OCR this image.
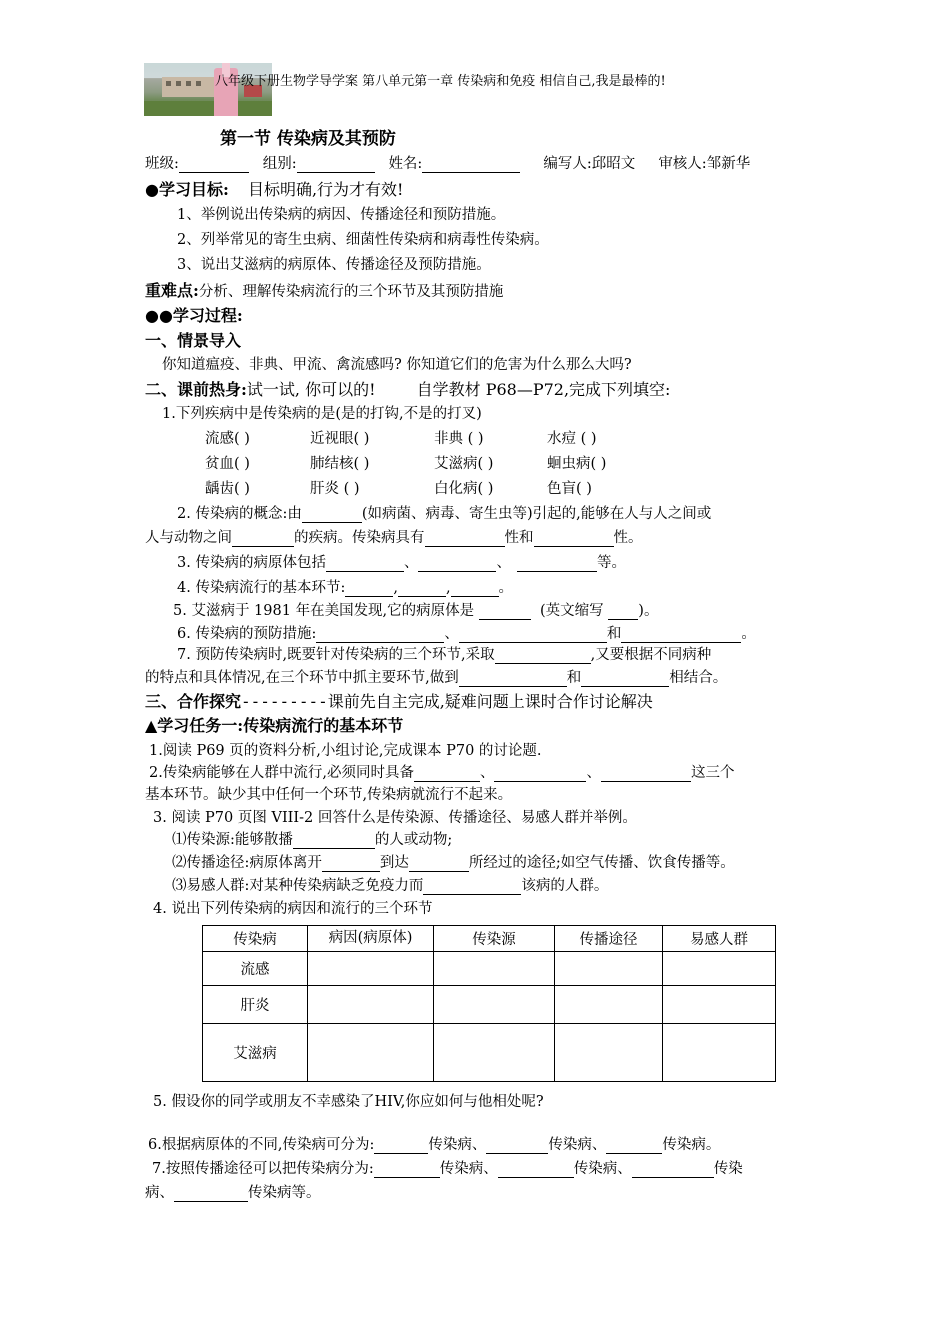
八年级下册生物学导学案 第八单元第一章 传染病和免疫 相信自己,我是最棒的!
第一节 传染病及其预防
班级:	组别:	姓名:	编写人:邱昭文 审核人:邹新华
●学习目标: 目标明确,行为才有效!
1、举例说出传染病的病因、传播途径和预防措施。
2、列举常见的寄生虫病、细菌性传染病和病毒性传染病。
3、说出艾滋病的病原体、传播途径及预防措施。
重难点:分析、理解传染病流行的三个环节及其预防措施
●●学习过程:
一、情景导入
你知道瘟疫、非典、甲流、禽流感吗? 你知道它们的危害为什么那么大吗?
二、课前热身:试一试, 你可以的!	自学教材 P68—P72,完成下列填空:
1.下列疾病中是传染病的是(是的打钩,不是的打叉)
流感( )	近视眼( )	非典 ( )	水痘 ( )
贫血( )	肺结核( )	艾滋病( )	蛔虫病( )
龋齿( )	肝炎 ( )	白化病( )	色盲( )
2. 传染病的概念:由	(如病菌、病毒、寄生虫等)引起的,能够在人与人之间或
人与动物之间	的疾病。传染病具有	性和	性。
3. 传染病的病原体包括	、	、	等。
4. 传染病流行的基本环节:	,	,	。
5. 艾滋病于 1981 年在美国发现,它的病原体是	(英文缩写 )。
6. 传染病的预防措施:	、	和	。
7. 预防传染病时,既要针对传染病的三个环节,采取	,又要根据不同病种
的特点和具体情况,在三个环节中抓主要环节,做到	和	相结合。
三、合作探究---------课前先自主完成,疑难问题上课时合作讨论解决
▲学习任务一:传染病流行的基本环节
1.阅读 P69 页的资料分析,小组讨论,完成课本 P70 的讨论题.
2.传染病能够在人群中流行,必须同时具备	、	、	这三个
基本环节。缺少其中任何一个环节,传染病就流行不起来。
3. 阅读 P70 页图 VIII-2 回答什么是传染源、传播途径、易感人群并举例。
⑴传染源:能够散播	的人或动物;
⑵传播途径:病原体离开	到达	所经过的途径;如空气传播、饮食传播等。
⑶易感人群:对某种传染病缺乏免疫力而	该病的人群。
4. 说出下列传染病的病因和流行的三个环节
传染病	病因(病原体)	传染源	传播途径	易感人群
流感				
肝炎				
艾滋病				
5. 假设你的同学或朋友不幸感染了HIV,你应如何与他相处呢?
6.根据病原体的不同,传染病可分为:	传染病、	传染病、	传染病。
7.按照传播途径可以把传染病分为:	传染病、	传染病、	传染
病、	传染病等。
